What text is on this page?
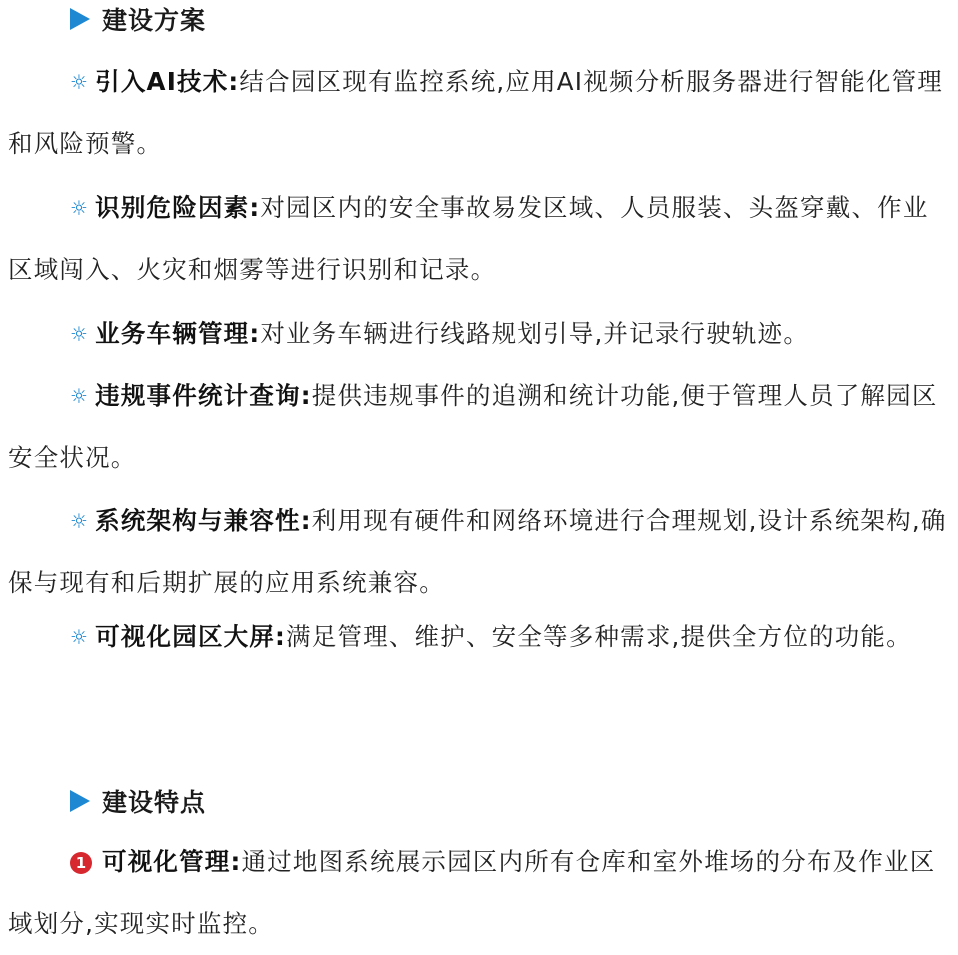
建设方案
☼ 引入AI技术:结合园区现有监控系统,应用AI视频分析服务器进行智能化管理和风险预警。
☼ 识别危险因素:对园区内的安全事故易发区域、人员服装、头盔穿戴、作业区域闯入、火灾和烟雾等进行识别和记录。
☼ 业务车辆管理:对业务车辆进行线路规划引导,并记录行驶轨迹。
☼ 违规事件统计查询:提供违规事件的追溯和统计功能,便于管理人员了解园区安全状况。
☼ 系统架构与兼容性:利用现有硬件和网络环境进行合理规划,设计系统架构,确保与现有和后期扩展的应用系统兼容。
☼ 可视化园区大屏:满足管理、维护、安全等多种需求,提供全方位的功能。
建设特点
1 可视化管理:通过地图系统展示园区内所有仓库和室外堆场的分布及作业区域划分,实现实时监控。
